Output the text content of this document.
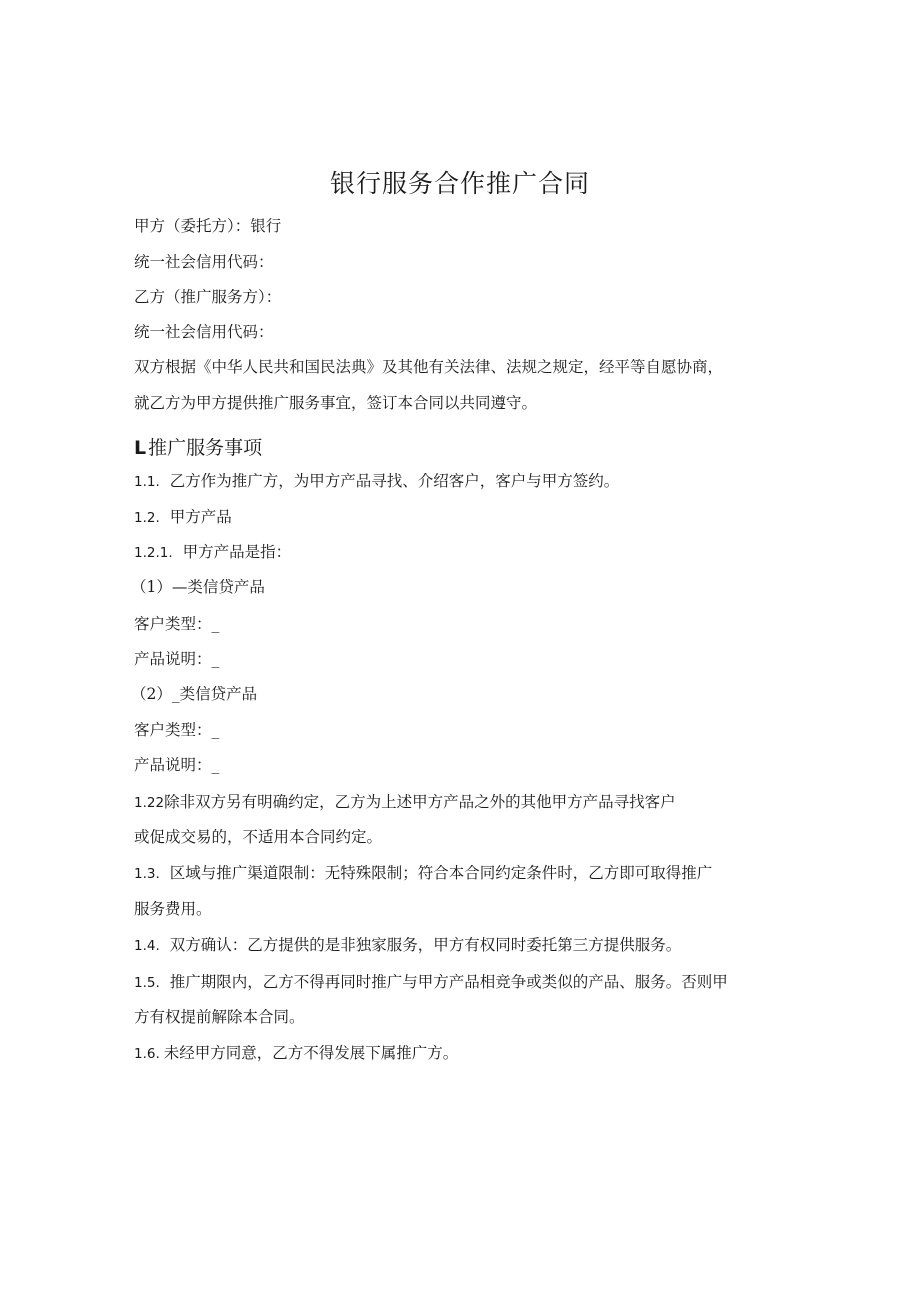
银行服务合作推广合同
甲方（委托方）：银行
统一社会信用代码：
乙方（推广服务方）：
统一社会信用代码：
双方根据《中华人民共和国民法典》及其他有关法律、法规之规定，经平等自愿协商，
就乙方为甲方提供推广服务事宜，签订本合同以共同遵守。
L 推广服务事项
1.1. 乙方作为推广方，为甲方产品寻找、介绍客户，客户与甲方签约。
1.2. 甲方产品
1.2.1. 甲方产品是指：
（1）—类信贷产品
客户类型：_
产品说明：_
（2）_类信贷产品
客户类型：_
产品说明：_
1.22除非双方另有明确约定，乙方为上述甲方产品之外的其他甲方产品寻找客户
或促成交易的，不适用本合同约定。
1.3. 区域与推广渠道限制：无特殊限制；符合本合同约定条件时，乙方即可取得推广
服务费用。
1.4. 双方确认：乙方提供的是非独家服务，甲方有权同时委托第三方提供服务。
1.5. 推广期限内，乙方不得再同时推广与甲方产品相竞争或类似的产品、服务。否则甲
方有权提前解除本合同。
1.6. 未经甲方同意，乙方不得发展下属推广方。
